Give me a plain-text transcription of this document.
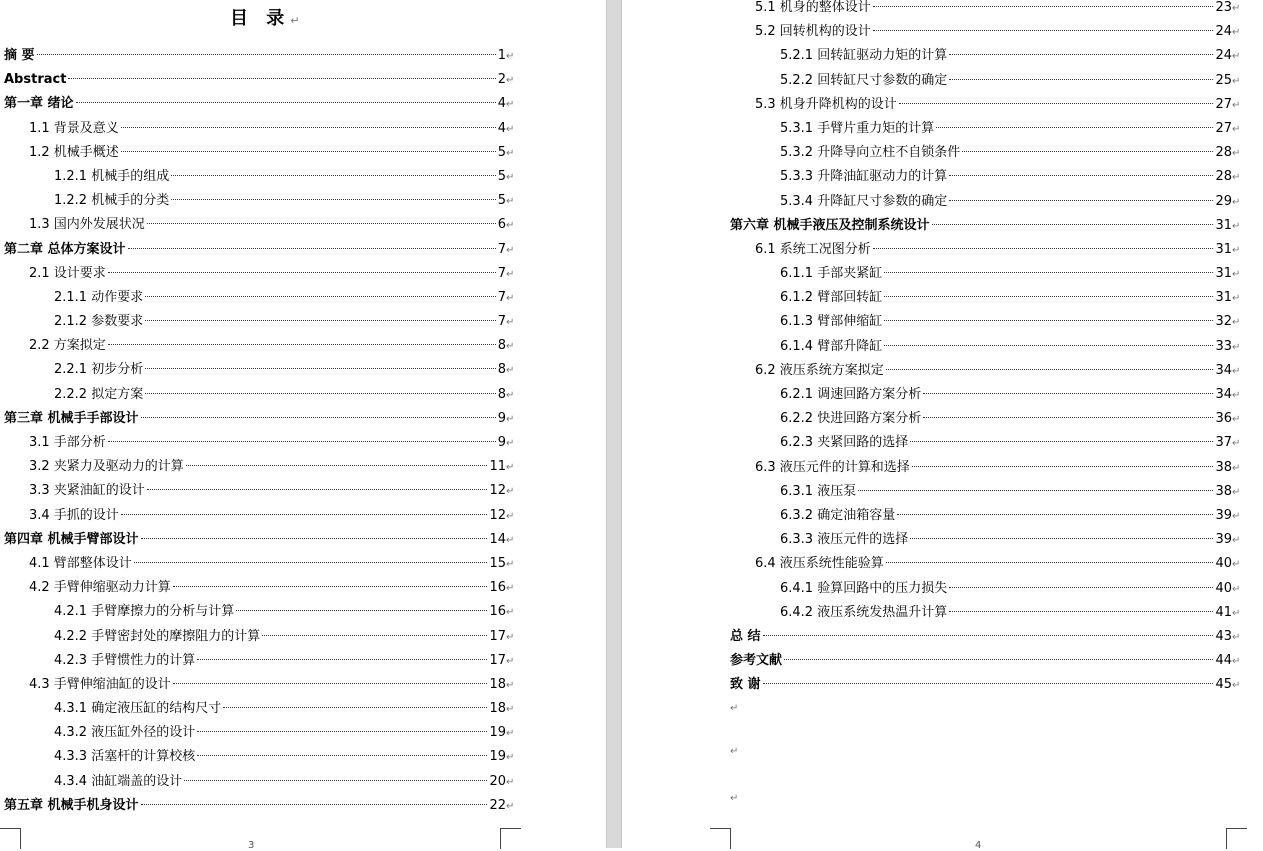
目 录↵
摘 要	1 ↵
Abstract	2 ↵
第一章 绪论	4 ↵
1.1 背景及意义	4 ↵
1.2 机械手概述	5 ↵
1.2.1 机械手的组成	5 ↵
1.2.2 机械手的分类	5 ↵
1.3 国内外发展状况	6 ↵
第二章 总体方案设计	7 ↵
2.1 设计要求	7 ↵
2.1.1 动作要求	7 ↵
2.1.2 参数要求	7 ↵
2.2 方案拟定	8 ↵
2.2.1 初步分析	8 ↵
2.2.2 拟定方案	8 ↵
第三章 机械手手部设计	9 ↵
3.1 手部分析	9 ↵
3.2 夹紧力及驱动力的计算	11 ↵
3.3 夹紧油缸的设计	12 ↵
3.4 手抓的设计	12 ↵
第四章 机械手臂部设计	14 ↵
4.1 臂部整体设计	15 ↵
4.2 手臂伸缩驱动力计算	16 ↵
4.2.1 手臂摩擦力的分析与计算	16 ↵
4.2.2 手臂密封处的摩擦阻力的计算	17 ↵
4.2.3 手臂惯性力的计算	17 ↵
4.3 手臂伸缩油缸的设计	18 ↵
4.3.1 确定液压缸的结构尺寸	18 ↵
4.3.2 液压缸外径的设计	19 ↵
4.3.3 活塞杆的计算校核	19 ↵
4.3.4 油缸端盖的设计	20 ↵
第五章 机械手机身设计	22 ↵
5.1 机身的整体设计	23 ↵
5.2 回转机构的设计	24 ↵
5.2.1 回转缸驱动力矩的计算	24 ↵
5.2.2 回转缸尺寸参数的确定	25 ↵
5.3 机身升降机构的设计	27 ↵
5.3.1 手臂片重力矩的计算	27 ↵
5.3.2 升降导向立柱不自锁条件	28 ↵
5.3.3 升降油缸驱动力的计算	28 ↵
5.3.4 升降缸尺寸参数的确定	29 ↵
第六章 机械手液压及控制系统设计	31 ↵
6.1 系统工况图分析	31 ↵
6.1.1 手部夹紧缸	31 ↵
6.1.2 臂部回转缸	31 ↵
6.1.3 臂部伸缩缸	32 ↵
6.1.4 臂部升降缸	33 ↵
6.2 液压系统方案拟定	34 ↵
6.2.1 调速回路方案分析	34 ↵
6.2.2 快进回路方案分析	36 ↵
6.2.3 夹紧回路的选择	37 ↵
6.3 液压元件的计算和选择	38 ↵
6.3.1 液压泵	38 ↵
6.3.2 确定油箱容量	39 ↵
6.3.3 液压元件的选择	39 ↵
6.4 液压系统性能验算	40 ↵
6.4.1 验算回路中的压力损失	40 ↵
6.4.2 液压系统发热温升计算	41 ↵
总 结	43 ↵
参考文献	44 ↵
致 谢	45 ↵
↵
↵
↵
3	4
